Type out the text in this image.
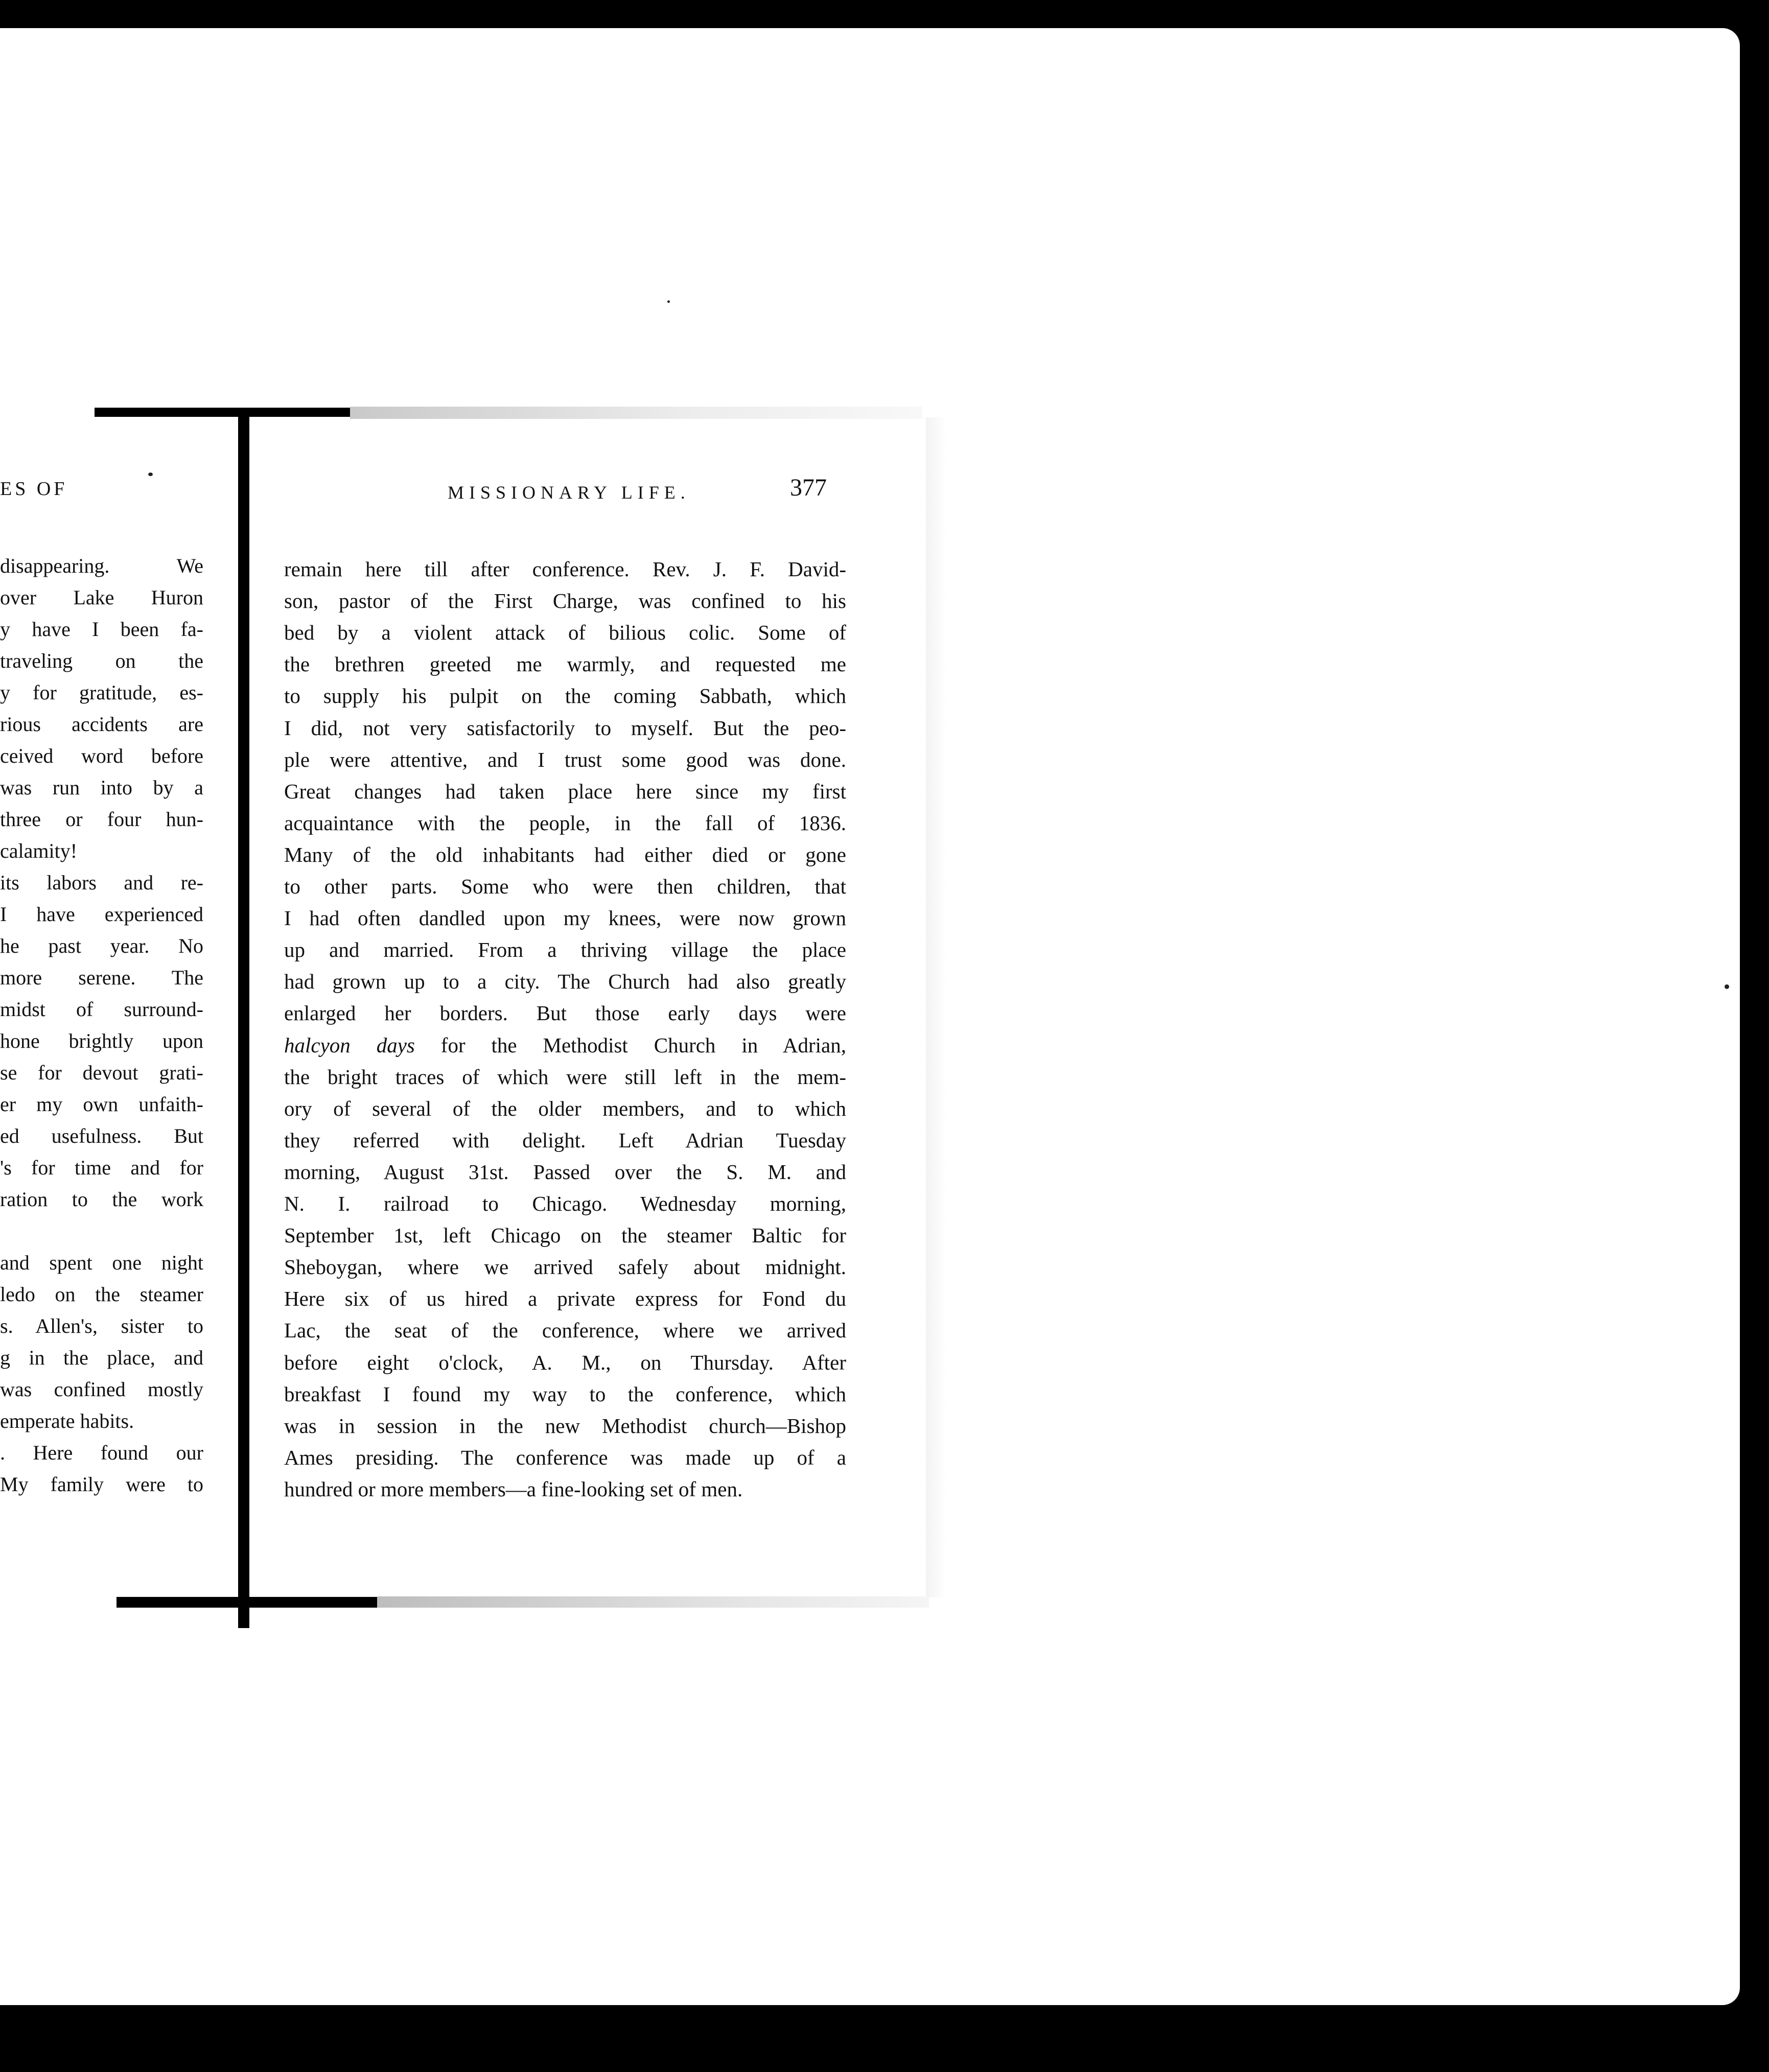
ES OF
disappearing. We
over Lake Huron
y have I been fa-
traveling on the
y for gratitude, es-
rious accidents are
ceived word before
was run into by a
three or four hun-
calamity!
its labors and re-
I have experienced
he past year. No
more serene. The
midst of surround-
hone brightly upon
se for devout grati-
er my own unfaith-
ed usefulness. But
's for time and for
ration to the work
and spent one night
ledo on the steamer
s. Allen's, sister to
g in the place, and
was confined mostly
emperate habits.
. Here found our
My family were to
MISSIONARY LIFE.	377
remain here till after conference. Rev. J. F. David-
son, pastor of the First Charge, was confined to his
bed by a violent attack of bilious colic. Some of
the brethren greeted me warmly, and requested me
to supply his pulpit on the coming Sabbath, which
I did, not very satisfactorily to myself. But the peo-
ple were attentive, and I trust some good was done.
Great changes had taken place here since my first
acquaintance with the people, in the fall of 1836.
Many of the old inhabitants had either died or gone
to other parts. Some who were then children, that
I had often dandled upon my knees, were now grown
up and married. From a thriving village the place
had grown up to a city. The Church had also greatly
enlarged her borders. But those early days were
halcyon days for the Methodist Church in Adrian,
the bright traces of which were still left in the mem-
ory of several of the older members, and to which
they referred with delight. Left Adrian Tuesday
morning, August 31st. Passed over the S. M. and
N. I. railroad to Chicago. Wednesday morning,
September 1st, left Chicago on the steamer Baltic for
Sheboygan, where we arrived safely about midnight.
Here six of us hired a private express for Fond du
Lac, the seat of the conference, where we arrived
before eight o'clock, A. M., on Thursday. After
breakfast I found my way to the conference, which
was in session in the new Methodist church—Bishop
Ames presiding. The conference was made up of a
hundred or more members—a fine-looking set of men.
